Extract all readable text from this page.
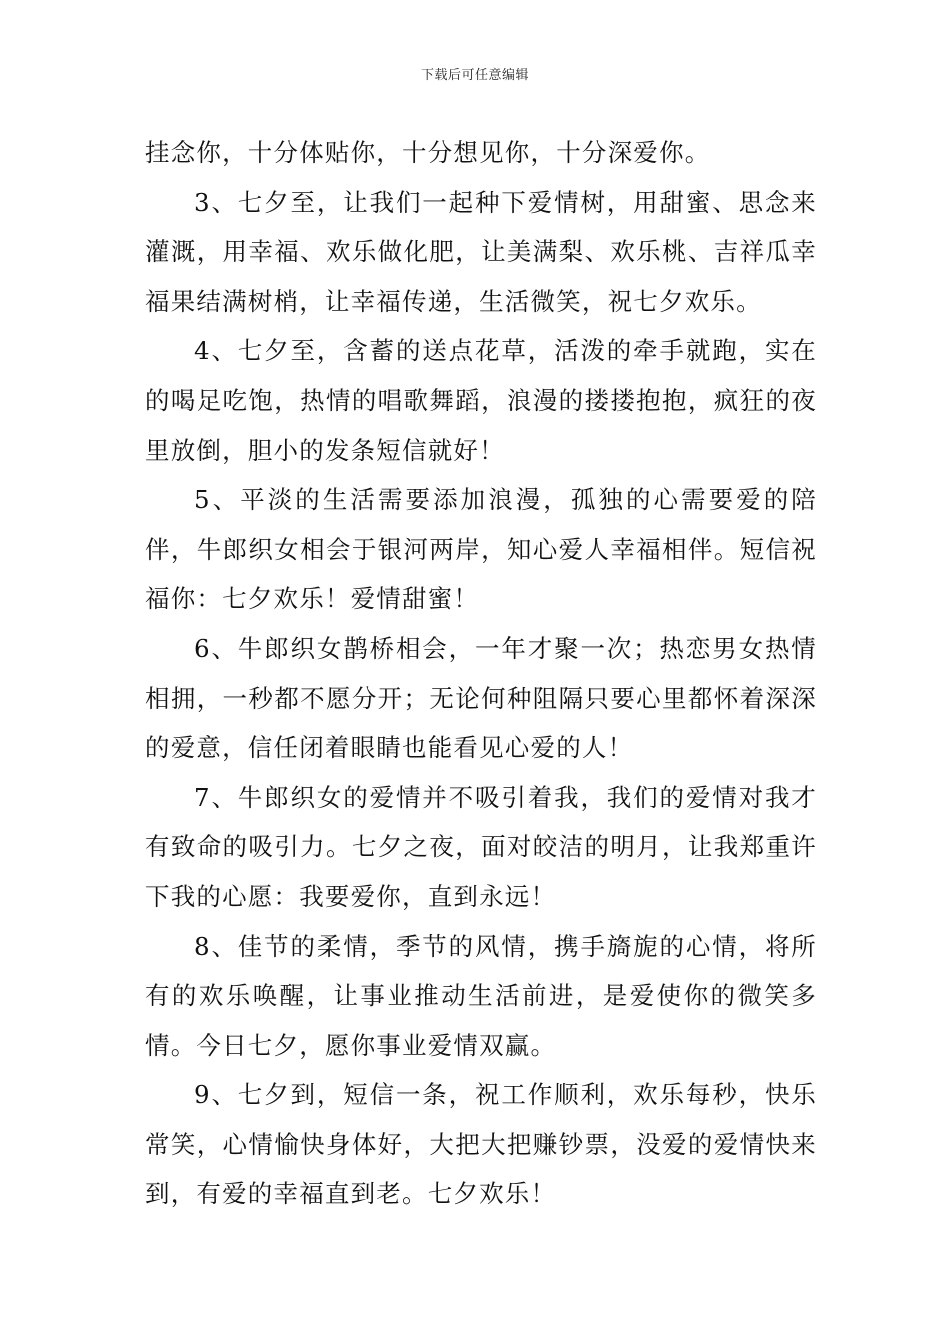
下载后可任意编辑

挂念你，十分体贴你，十分想见你，十分深爱你。

3、七夕至，让我们一起种下爱情树，用甜蜜、思念来灌溉，用幸福、欢乐做化肥，让美满梨、欢乐桃、吉祥瓜幸福果结满树梢，让幸福传递，生活微笑，祝七夕欢乐。

4、七夕至，含蓄的送点花草，活泼的牵手就跑，实在的喝足吃饱，热情的唱歌舞蹈，浪漫的搂搂抱抱，疯狂的夜里放倒，胆小的发条短信就好！

5、平淡的生活需要添加浪漫，孤独的心需要爱的陪伴，牛郎织女相会于银河两岸，知心爱人幸福相伴。短信祝福你：七夕欢乐！爱情甜蜜！

6、牛郎织女鹊桥相会，一年才聚一次；热恋男女热情相拥，一秒都不愿分开；无论何种阻隔只要心里都怀着深深的爱意，信任闭着眼睛也能看见心爱的人！

7、牛郎织女的爱情并不吸引着我，我们的爱情对我才有致命的吸引力。七夕之夜，面对皎洁的明月，让我郑重许下我的心愿：我要爱你，直到永远！

8、佳节的柔情，季节的风情，携手旖旎的心情，将所有的欢乐唤醒，让事业推动生活前进，是爱使你的微笑多情。今日七夕，愿你事业爱情双赢。

9、七夕到，短信一条，祝工作顺利，欢乐每秒，快乐常笑，心情愉快身体好，大把大把赚钞票，没爱的爱情快来到，有爱的幸福直到老。七夕欢乐！
